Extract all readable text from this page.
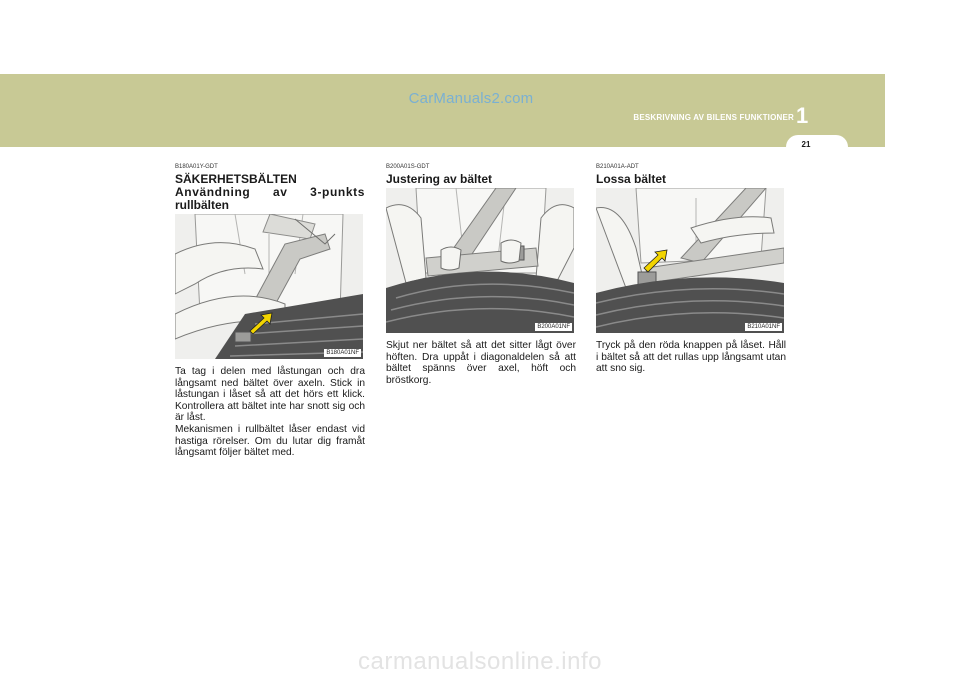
CarManuals2.com
1
BESKRIVNING AV BILENS FUNKTIONER
21
B180A01Y-GDT
SÄKERHETSBÄLTEN
Användning av 3-punkts
rullbälten
B180A01NF

Ta tag i delen med låstungan och dra långsamt ned bältet över axeln. Stick in låstungan i låset så att det hörs ett klick. Kontrollera att bältet inte har snott sig och är låst.

Mekanismen i rullbältet låser endast vid hastiga rörelser. Om du lutar dig framåt långsamt följer bältet med.

B200A01S-GDT
Justering av bältet
B200A01NF

Skjut ner bältet så att det sitter lågt över höften. Dra uppåt i diagonaldelen så att bältet spänns över axel, höft och bröstkorg.

B210A01A-ADT
Lossa bältet
B210A01NF

Tryck på den röda knappen på låset. Håll i bältet så att det rullas upp långsamt utan att sno sig.

carmanualsonline.info
